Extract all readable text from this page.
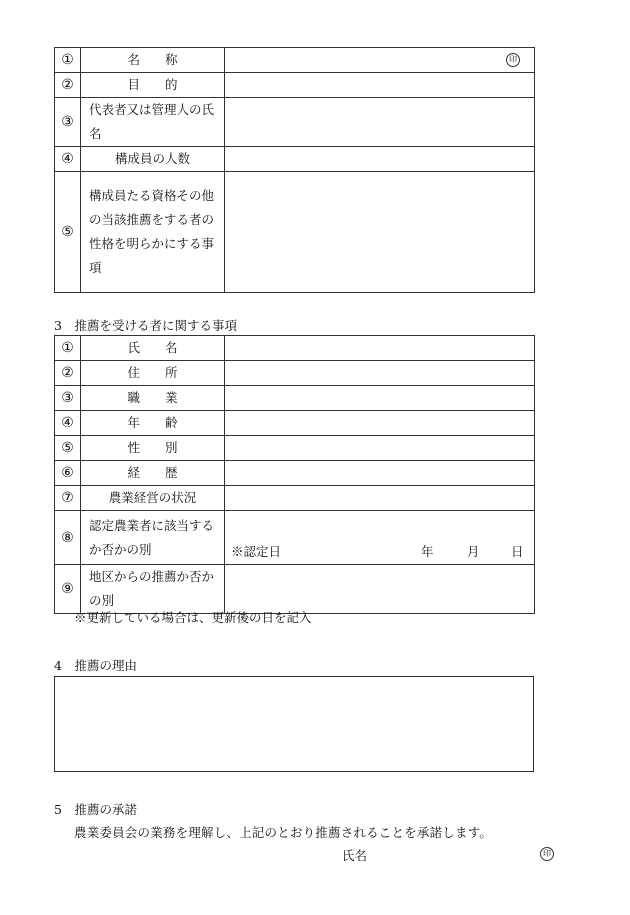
①	名　　称	印

②	目　　的	
③	代表者又は管理人の氏名	
④	構成員の人数	
⑤	構成員たる資格その他の当該推薦をする者の性格を明らかにする事項	
3　推薦を受ける者に関する事項
①	氏　　名	
②	住　　所	
③	職　　業	
④	年　　齢	
⑤	性　　別	
⑥	経　　歴	
⑦	農業経営の状況	
⑧	認定農業者に該当するか否かの別	※認定日 年 月 日

⑨	地区からの推薦か否かの別	
※更新している場合は、更新後の日を記入
4　推薦の理由
5　推薦の承諾
農業委員会の業務を理解し、上記のとおり推薦されることを承諾します。
氏名	印
